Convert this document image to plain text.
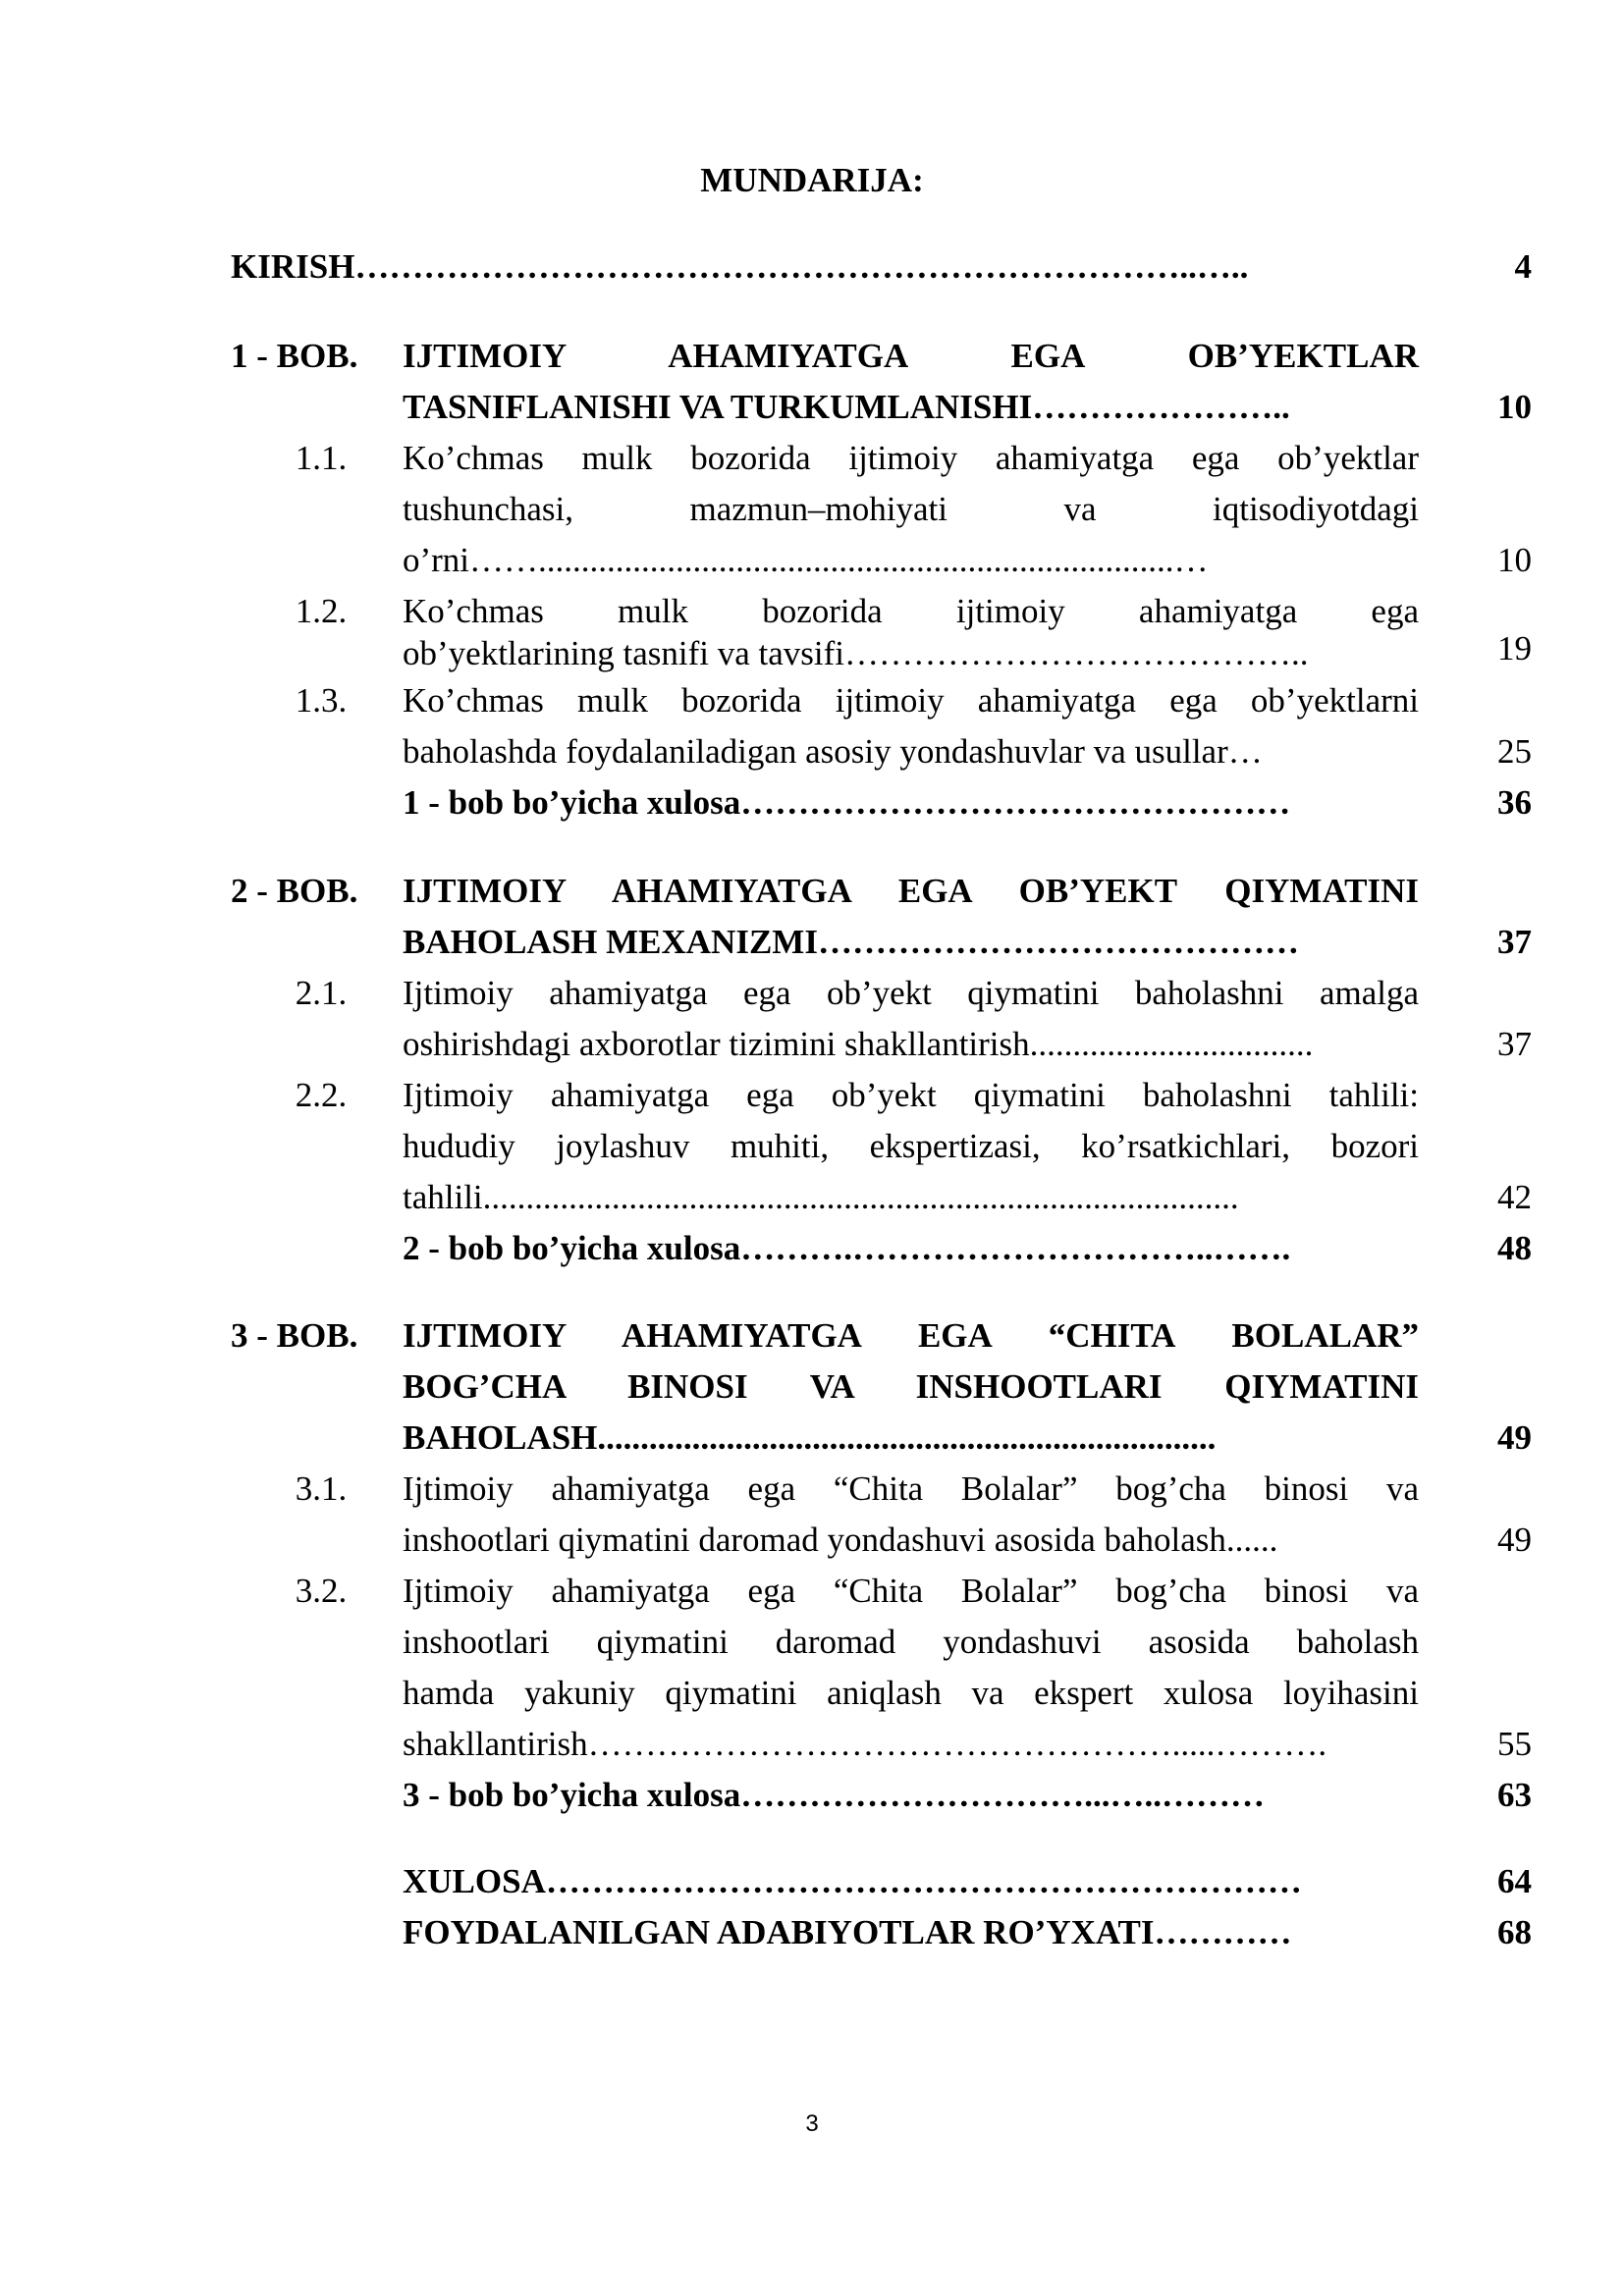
MUNDARIJA:
KIRISH………………………………………………………………..…..	4
1 - BOB. IJTIMOIY AHAMIYATGA EGA OB’YEKTLAR
TASNIFLANISHI VA TURKUMLANISHI…………………..	10
1.1.	Ko’chmas mulk bozorida ijtimoiy ahamiyatga ega ob’yektlar
tushunchasi, mazmun–mohiyati va iqtisodiyotdagi
o’rni……..........................................................................…	10
1.2.	Ko’chmas mulk bozorida ijtimoiy ahamiyatga ega
ob’yektlarining tasnifi va tavsifi…………………………………..	19
1.3.	Ko’chmas mulk bozorida ijtimoiy ahamiyatga ega ob’yektlarni
baholashda foydalaniladigan asosiy yondashuvlar va usullar…	25
1 - bob bo’yicha xulosa…………………………………………	36
2 - BOB. IJTIMOIY AHAMIYATGA EGA OB’YEKT QIYMATINI
BAHOLASH MEXANIZMI……………………………………	37
2.1.	Ijtimoiy ahamiyatga ega ob’yekt qiymatini baholashni amalga
oshirishdagi axborotlar tizimini shakllantirish.................................	37
2.2.	Ijtimoiy ahamiyatga ega ob’yekt qiymatini baholashni tahlili:
hududiy joylashuv muhiti, ekspertizasi, ko’rsatkichlari, bozori
tahlili........................................................................................	42
2 - bob bo’yicha xulosa……….…………………………..…….	48
3 - BOB. IJTIMOIY AHAMIYATGA EGA “CHITA BOLALAR”
BOG’CHA BINOSI VA INSHOOTLARI QIYMATINI
BAHOLASH........................................................................	49
3.1.	Ijtimoiy ahamiyatga ega “Chita Bolalar” bog’cha binosi va
inshootlari qiymatini daromad yondashuvi asosida baholash......	49
3.2.	Ijtimoiy ahamiyatga ega “Chita Bolalar” bog’cha binosi va
inshootlari qiymatini daromad yondashuvi asosida baholash
hamda yakuniy qiymatini aniqlash va ekspert xulosa loyihasini
shakllantirish…………………………………………….....……….	55
3 - bob bo’yicha xulosa…………………………...…..………	63
XULOSA…………………………………………………………	64
FOYDALANILGAN ADABIYOTLAR RO’YXATI…………	68
3
